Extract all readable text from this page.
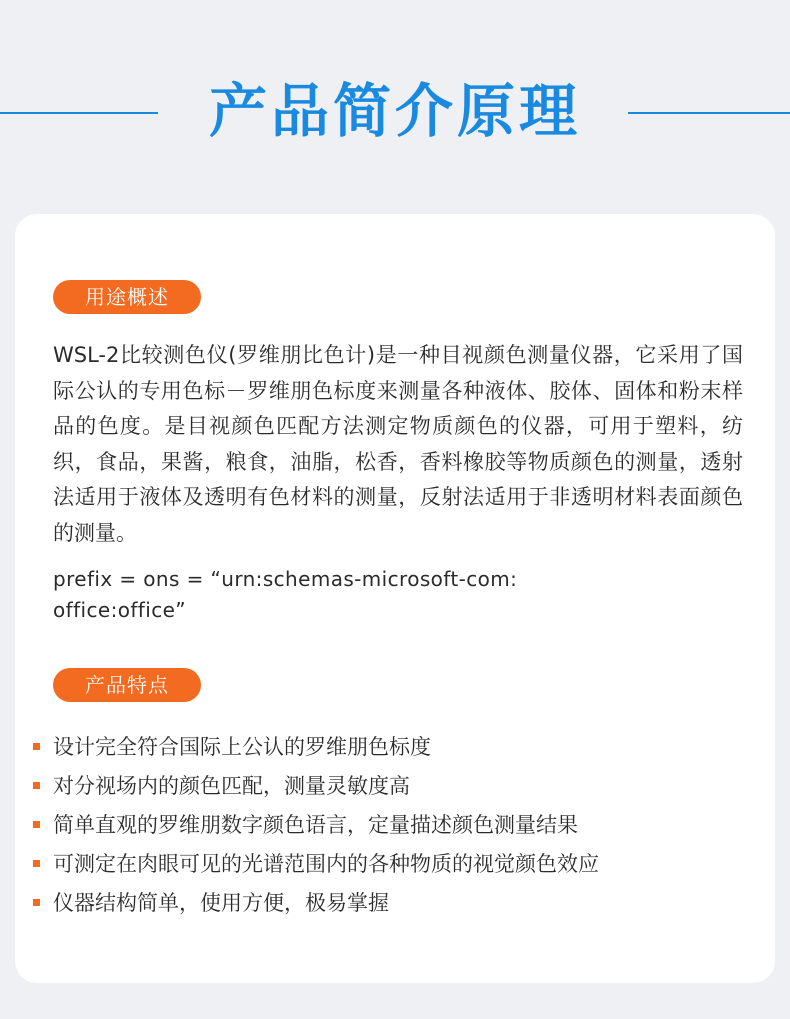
产品简介原理
用途概述

WSL-2比较测色仪(罗维朋比色计)是一种目视颜色测量仪器，它采用了国际公认的专用色标－罗维朋色标度来测量各种液体、胶体、固体和粉末样品的色度。是目视颜色匹配方法测定物质颜色的仪器，可用于塑料，纺织，食品，果酱，粮食，油脂，松香，香料橡胶等物质颜色的测量，透射法适用于液体及透明有色材料的测量，反射法适用于非透明材料表面颜色的测量。

prefix = ons = “urn:schemas-microsoft-com:
office:office”
产品特点
设计完全符合国际上公认的罗维朋色标度
对分视场内的颜色匹配，测量灵敏度高
简单直观的罗维朋数字颜色语言，定量描述颜色测量结果
可测定在肉眼可见的光谱范围内的各种物质的视觉颜色效应
仪器结构简单，使用方便，极易掌握
